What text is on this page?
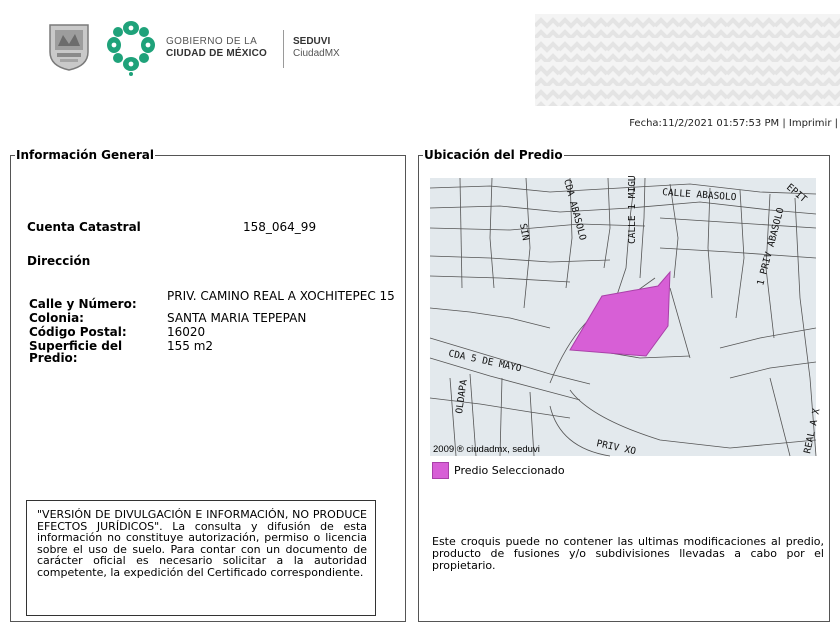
GOBIERNO DE LA
CIUDAD DE MÉXICO
SEDUVI
CiudadMX
Fecha:11/2/2021 01:57:53 PM | Imprimir |
Información General
Cuenta Catastral	158_064_99
Dirección
Calle y Número:	PRIV. CAMINO REAL A XOCHITEPEC 15
Colonia:	SANTA MARIA TEPEPAN
Código Postal:	16020
Superficie del Predio:	155 m2
"VERSIÓN DE DIVULGACIÓN E INFORMACIÓN, NO PRODUCE EFECTOS JURÍDICOS". La consulta y difusión de esta información no constituye autorización, permiso o licencia sobre el uso de suelo. Para contar con un documento de carácter oficial es necesario solicitar a la autoridad competente, la expedición del Certificado correspondiente.
Ubicación del Predio
CDA ABASOLO	CALLE 1 MIGU	CALLE ABASOLO	EPIT
1 PRIV ABASOLO
SIN
CDA 5 DE MAYO
OLDAPA
PRIV XO	REAL A X
2009 ® ciudadmx, seduvi
Predio Seleccionado
Este croquis puede no contener las ultimas modificaciones al predio, producto de fusiones y/o subdivisiones llevadas a cabo por el propietario.
